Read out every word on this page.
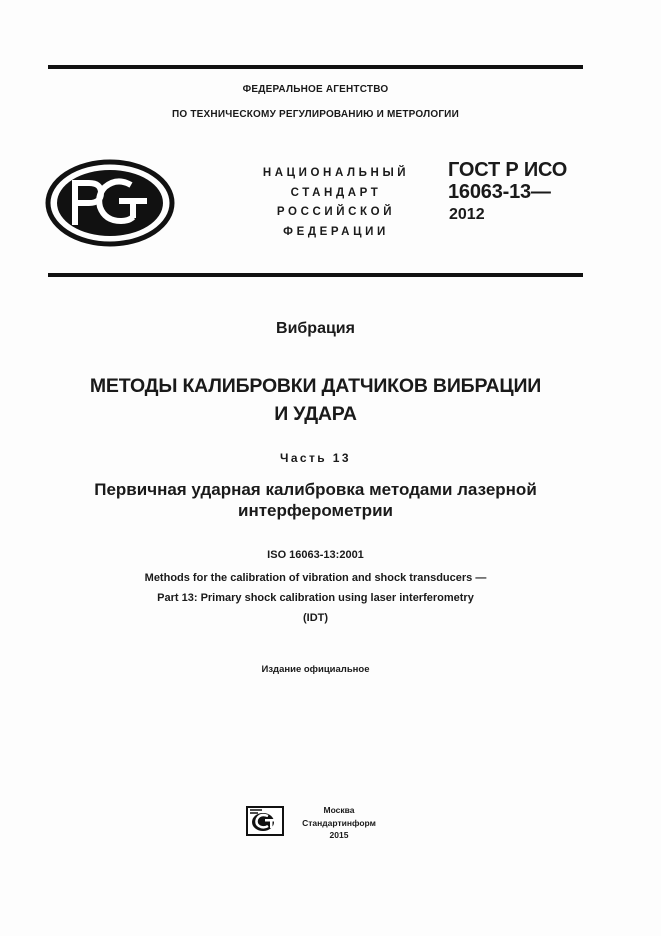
ФЕДЕРАЛЬНОЕ АГЕНТСТВО
ПО ТЕХНИЧЕСКОМУ РЕГУЛИРОВАНИЮ И МЕТРОЛОГИИ
НАЦИОНАЛЬНЫЙ
СТАНДАРТ
РОССИЙСКОЙ
ФЕДЕРАЦИИ
ГОСТ Р ИСО
16063-13—
2012
Вибрация
МЕТОДЫ КАЛИБРОВКИ ДАТЧИКОВ ВИБРАЦИИ
И УДАРА
Часть 13
Первичная ударная калибровка методами лазерной
интерферометрии
ISO 16063-13:2001
Methods for the calibration of vibration and shock transducers —
Part 13: Primary shock calibration using laser interferometry
(IDT)
Издание официальное
Москва
Стандартинформ
2015
